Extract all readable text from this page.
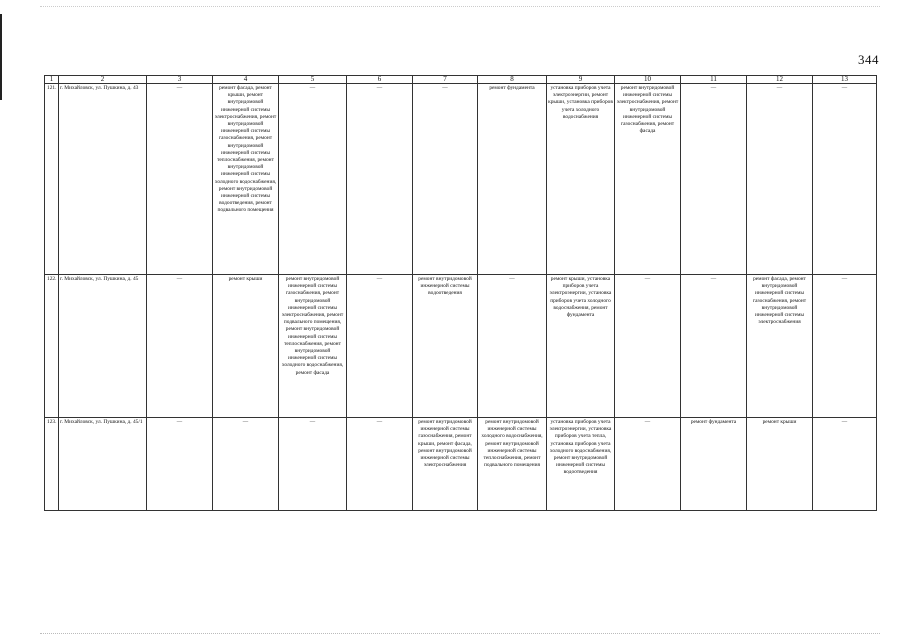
344
1	2	3	4	5	6	7	8	9	10	11	12	13
121.	г. Михайловск, ул. Пушкина, д. 43	—	ремонт фасада, ремонт крыши, ремонт внутридомовой инженерной системы электроснабжения, ремонт внутридомовой инженерной системы газоснабжения, ремонт внутридомовой инженерной системы теплоснабжения, ремонт внутридомовой инженерной системы холодного водоснабжения, ремонт внутридомовой инженерной системы водоотведения, ремонт подвального помещения	—	—	—	ремонт фундамента	установка приборов учета электроэнергии, ремонт крыши, установка приборов учета холодного водоснабжения	ремонт внутридомовой инженерной системы электроснабжения, ремонт внутридомовой инженерной системы газоснабжения, ремонт фасада	—	—	—
122.	г. Михайловск, ул. Пушкина, д. 45	—	ремонт крыши	ремонт внутридомовой инженерной системы газоснабжения, ремонт внутридомовой инженерной системы электроснабжения, ремонт подвального помещения, ремонт внутридомовой инженерной системы теплоснабжения, ремонт внутридомовой инженерной системы холодного водоснабжения, ремонт фасада	—	ремонт внутридомовой инженерной системы водоотведения	—	ремонт крыши, установка приборов учета электроэнергии, установка приборов учета холодного водоснабжения, ремонт фундамента	—	—	ремонт фасада, ремонт внутридомовой инженерной системы газоснабжения, ремонт внутридомовой инженерной системы электроснабжения	—
123.	г. Михайловск, ул. Пушкина, д. 45/1	—	—	—	—	ремонт внутридомовой инженерной системы газоснабжения, ремонт крыши, ремонт фасада, ремонт внутридомовой инженерной системы электроснабжения	ремонт внутридомовой инженерной системы холодного водоснабжения, ремонт внутридомовой инженерной системы теплоснабжения, ремонт подвального помещения	установка приборов учета электроэнергии, установка приборов учета тепла, установка приборов учета холодного водоснабжения, ремонт внутридомовой инженерной системы водоотведения	—	ремонт фундамента	ремонт крыши	—
